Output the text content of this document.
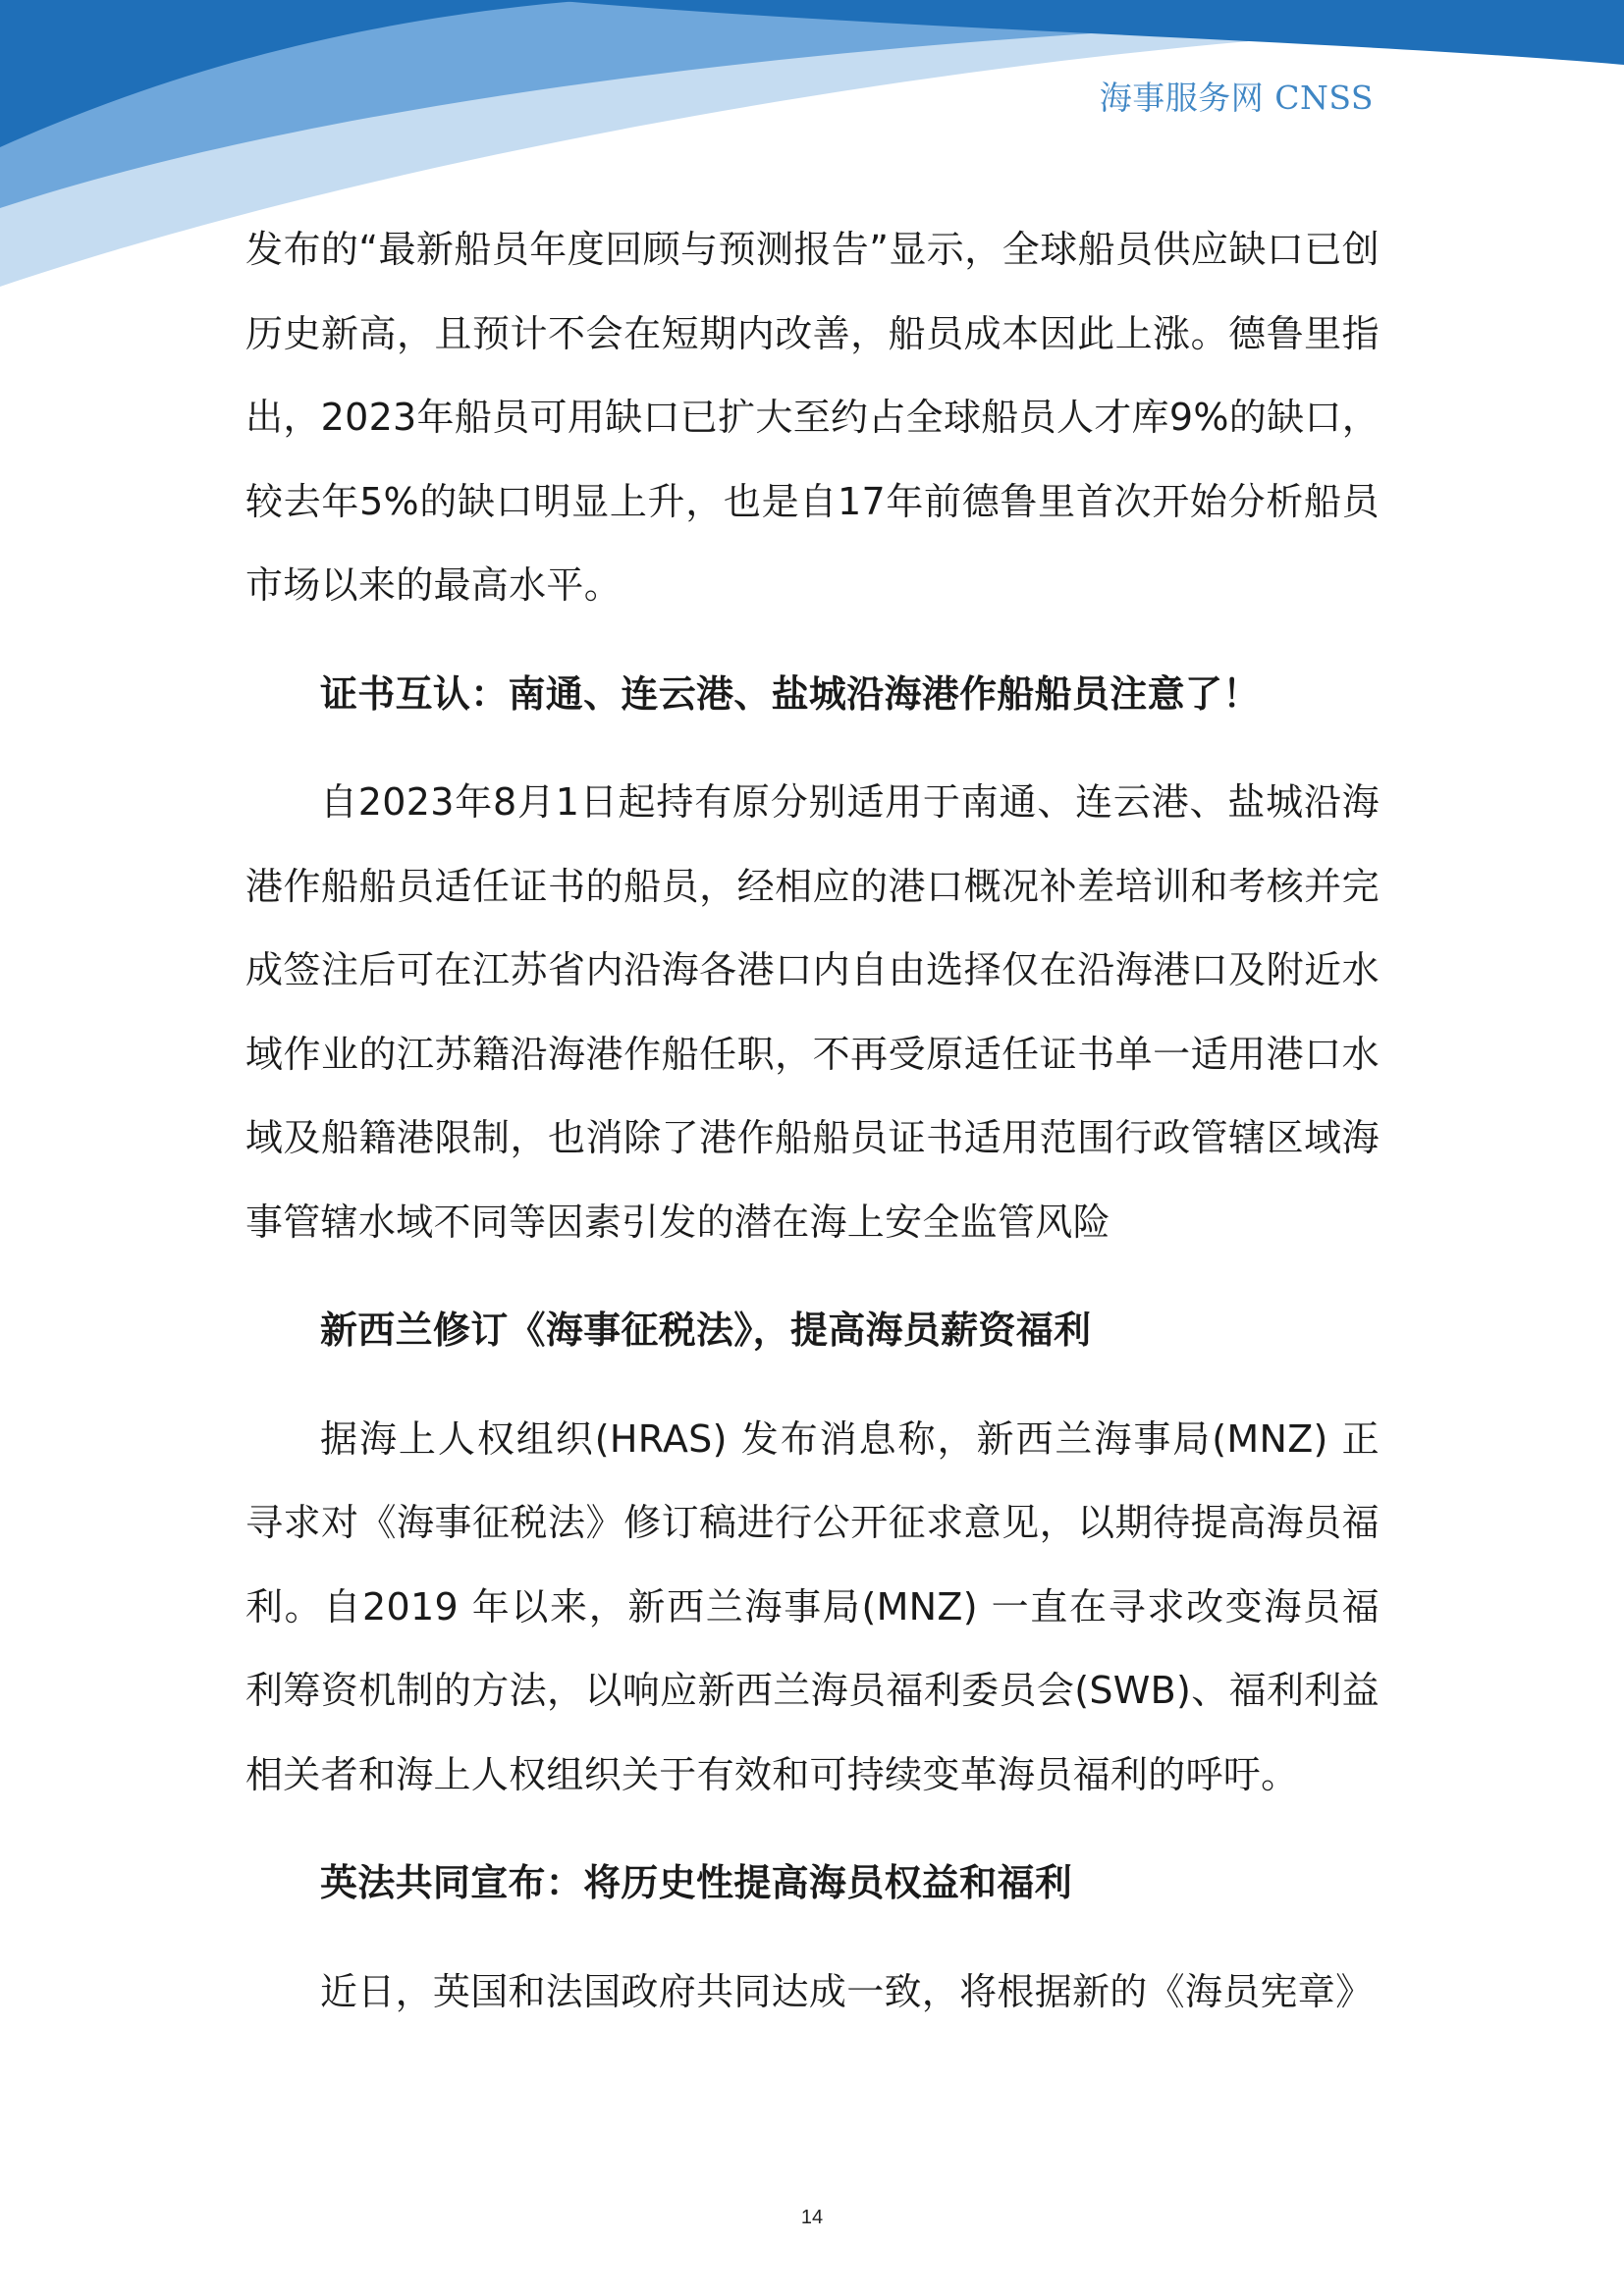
海事服务网 CNSS

发布的“最新船员年度回顾与预测报告”显示，全球船员供应缺口已创历史新高，且预计不会在短期内改善，船员成本因此上涨。德鲁里指出，2023年船员可用缺口已扩大至约占全球船员人才库9%的缺口，较去年5%的缺口明显上升，也是自17年前德鲁里首次开始分析船员市场以来的最高水平。

证书互认：南通、连云港、盐城沿海港作船船员注意了！

自2023年8月1日起持有原分别适用于南通、连云港、盐城沿海港作船船员适任证书的船员，经相应的港口概况补差培训和考核并完成签注后可在江苏省内沿海各港口内自由选择仅在沿海港口及附近水域作业的江苏籍沿海港作船任职，不再受原适任证书单一适用港口水域及船籍港限制，也消除了港作船船员证书适用范围行政管辖区域海事管辖水域不同等因素引发的潜在海上安全监管风险

新西兰修订《海事征税法》，提高海员薪资福利

据海上人权组织(HRAS) 发布消息称，新西兰海事局(MNZ) 正寻求对《海事征税法》修订稿进行公开征求意见，以期待提高海员福利。自2019 年以来，新西兰海事局(MNZ) 一直在寻求改变海员福利筹资机制的方法，以响应新西兰海员福利委员会(SWB)、福利利益相关者和海上人权组织关于有效和可持续变革海员福利的呼吁。

英法共同宣布：将历史性提高海员权益和福利

近日，英国和法国政府共同达成一致，将根据新的《海员宪章》

14
